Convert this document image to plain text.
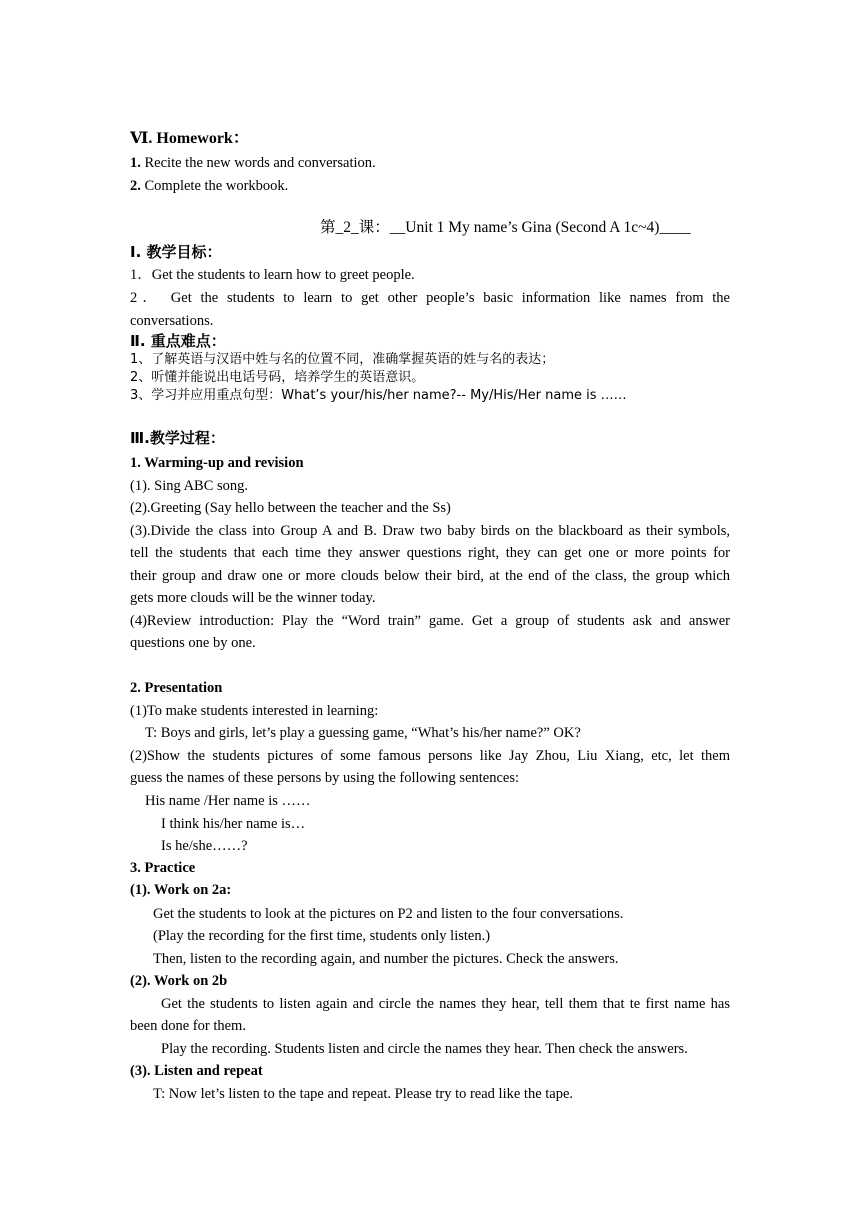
Ⅵ. Homework：
1. Recite the new words and conversation.
2. Complete the workbook.
第_2_课：__Unit 1 My name’s Gina (Second A 1c~4)____
Ⅰ. 教学目标：
1．Get the students to learn how to greet people.
2． Get the students to learn to get other people’s basic information like names from the
conversations.
Ⅱ. 重点难点：
1、了解英语与汉语中姓与名的位置不同，准确掌握英语的姓与名的表达；
2、听懂并能说出电话号码，培养学生的英语意识。
3、学习并应用重点句型：What’s your/his/her name?-- My/His/Her name is ……
Ⅲ.教学过程：
1. Warming-up and revision
(1). Sing ABC song.
(2).Greeting (Say hello between the teacher and the Ss)
(3).Divide the class into Group A and B. Draw two baby birds on the blackboard as their symbols,
tell the students that each time they answer questions right, they can get one or more points for
their group and draw one or more clouds below their bird, at the end of the class, the group which
gets more clouds will be the winner today.
(4)Review introduction: Play the “Word train” game. Get a group of students ask and answer
questions one by one.
2. Presentation
(1)To make students interested in learning:
T: Boys and girls, let’s play a guessing game, “What’s his/her name?” OK?
(2)Show the students pictures of some famous persons like Jay Zhou, Liu Xiang, etc, let them
guess the names of these persons by using the following sentences:
His name /Her name is ……
I think his/her name is…
Is he/she……?
3. Practice
(1). Work on 2a:
Get the students to look at the pictures on P2 and listen to the four conversations.
(Play the recording for the first time, students only listen.)
Then, listen to the recording again, and number the pictures. Check the answers.
(2). Work on 2b
Get the students to listen again and circle the names they hear, tell them that te first name has
been done for them.
Play the recording. Students listen and circle the names they hear. Then check the answers.
(3). Listen and repeat
T: Now let’s listen to the tape and repeat. Please try to read like the tape.
